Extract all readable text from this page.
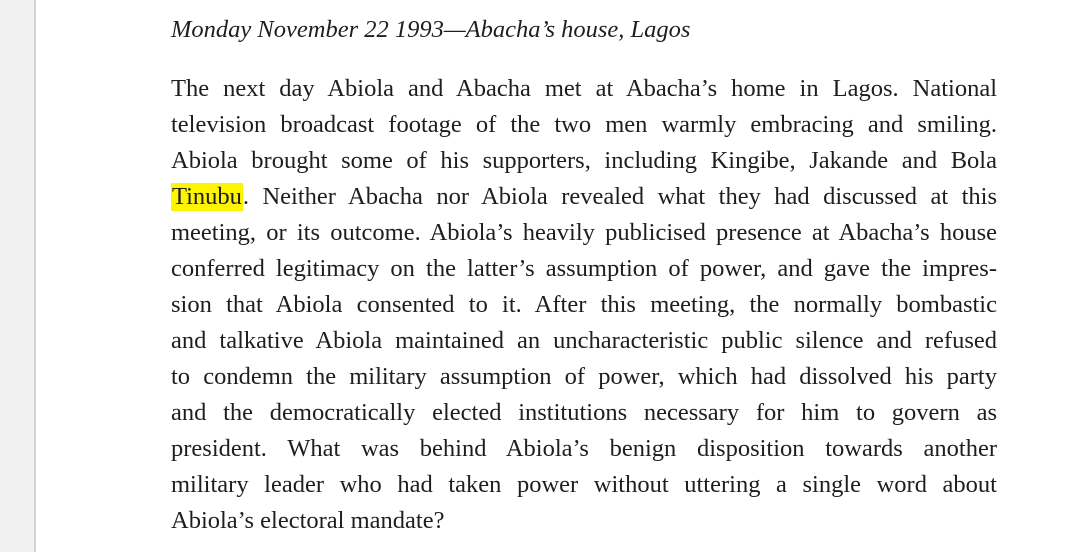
Monday November 22 1993—Abacha’s house, Lagos
The next day Abiola and Abacha met at Abacha’s home in Lagos. National
television broadcast footage of the two men warmly embracing and smiling.
Abiola brought some of his supporters, including Kingibe, Jakande and Bola
Tinubu. Neither Abacha nor Abiola revealed what they had discussed at this
meeting, or its outcome. Abiola’s heavily publicised presence at Abacha’s house
conferred legitimacy on the latter’s assumption of power, and gave the impres-
sion that Abiola consented to it. After this meeting, the normally bombastic
and talkative Abiola maintained an uncharacteristic public silence and refused
to condemn the military assumption of power, which had dissolved his party
and the democratically elected institutions necessary for him to govern as
president. What was behind Abiola’s benign disposition towards another
military leader who had taken power without uttering a single word about
Abiola’s electoral mandate?
